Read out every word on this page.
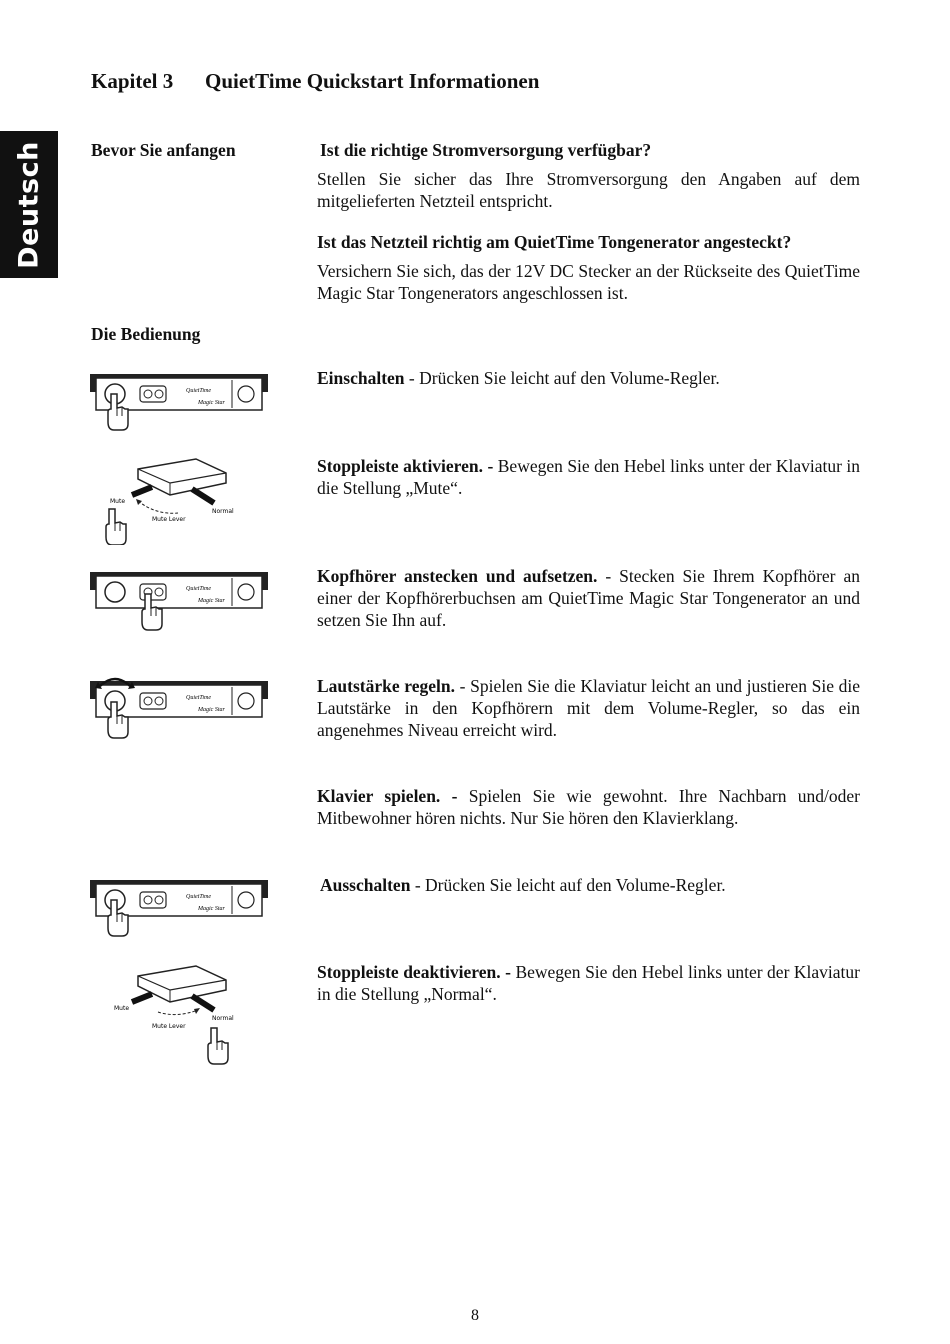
Deutsch
Kapitel 3 QuietTime Quickstart Informationen
Bevor Sie anfangen	Ist die richtige Stromversorgung verfügbar?
Stellen Sie sicher das Ihre Stromversorgung den Angaben auf dem mitgelieferten Netzteil entspricht.
Ist das Netzteil richtig am QuietTime Tongenerator angesteckt?
Versichern Sie sich, das der 12V DC Stecker an der Rückseite des QuietTime Magic Star Tongenerators angeschlossen ist.
Die Bedienung
Einschalten - Drücken Sie leicht auf den Volume-Regler.
Stoppleiste aktivieren. - Bewegen Sie den Hebel links unter der Klaviatur in die Stellung „Mute“.
Kopfhörer anstecken und aufsetzen. - Stecken Sie Ihrem Kopfhörer an einer der Kopfhörerbuchsen am QuietTime Magic Star Tongenerator an und setzen Sie Ihn auf.
Lautstärke regeln. - Spielen Sie die Klaviatur leicht an und justieren Sie die Lautstärke in den Kopfhörern mit dem Volume-Regler, so das ein angenehmes Niveau erreicht wird.
Klavier spielen. - Spielen Sie wie gewohnt. Ihre Nachbarn und/oder Mitbewohner hören nichts. Nur Sie hören den Klavierklang.
Ausschalten - Drücken Sie leicht auf den Volume-Regler.
Stoppleiste deaktivieren. - Bewegen Sie den Hebel links unter der Klaviatur in die Stellung „Normal“.
QuietTime
Magic Star
Mute
Normal
Mute Lever
QuietTime
Magic Star
QuietTime
Magic Star
QuietTime
Magic Star
Mute
Normal
Mute Lever
8
